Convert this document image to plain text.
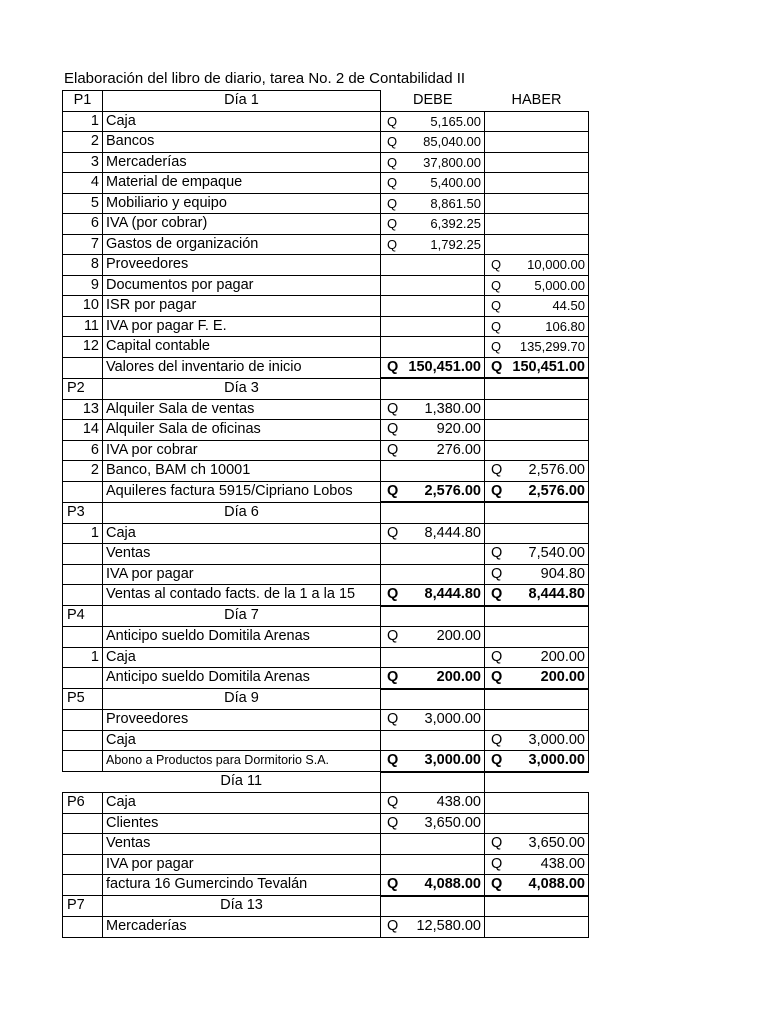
Elaboración del libro de diario, tarea No. 2 de Contabilidad II
P1	Día 1	DEBE	HABER
1	Caja	Q 5,165.00	

2	Bancos	Q 85,040.00	

3	Mercaderías	Q 37,800.00	

4	Material de empaque	Q 5,400.00	

5	Mobiliario y equipo	Q 8,861.50	

6	IVA (por cobrar)	Q 6,392.25	

7	Gastos de organización	Q 1,792.25	

8	Proveedores		Q 10,000.00

9	Documentos por pagar		Q 5,000.00

10	ISR por pagar		Q 44.50

11	IVA por pagar F. E.		Q 106.80

12	Capital contable		Q 135,299.70

	Valores del inventario de inicio	Q 150,451.00	Q 150,451.00

P2	Día 3		
13	Alquiler Sala de ventas	Q 1,380.00	

14	Alquiler Sala de oficinas	Q 920.00	

6	IVA por cobrar	Q 276.00	

2	Banco, BAM ch 10001		Q 2,576.00

	Aquileres factura 5915/Cipriano Lobos	Q 2,576.00	Q 2,576.00

P3	Día 6		
1	Caja	Q 8,444.80	

	Ventas		Q 7,540.00

	IVA por pagar		Q 904.80

	Ventas al contado facts. de la 1 a la 15	Q 8,444.80	Q 8,444.80

P4	Día 7		
	Anticipo sueldo Domitila Arenas	Q 200.00	

1	Caja		Q 200.00

	Anticipo sueldo Domitila Arenas	Q 200.00	Q 200.00

P5	Día 9		
	Proveedores	Q 3,000.00	

	Caja		Q 3,000.00

	Abono a Productos para Dormitorio S.A.	Q 3,000.00	Q 3,000.00

	Día 11		
P6	Caja	Q 438.00	

	Clientes	Q 3,650.00	

	Ventas		Q 3,650.00

	IVA por pagar		Q 438.00

	factura 16 Gumercindo Tevalán	Q 4,088.00	Q 4,088.00

P7	Día 13		
	Mercaderías	Q 12,580.00	
